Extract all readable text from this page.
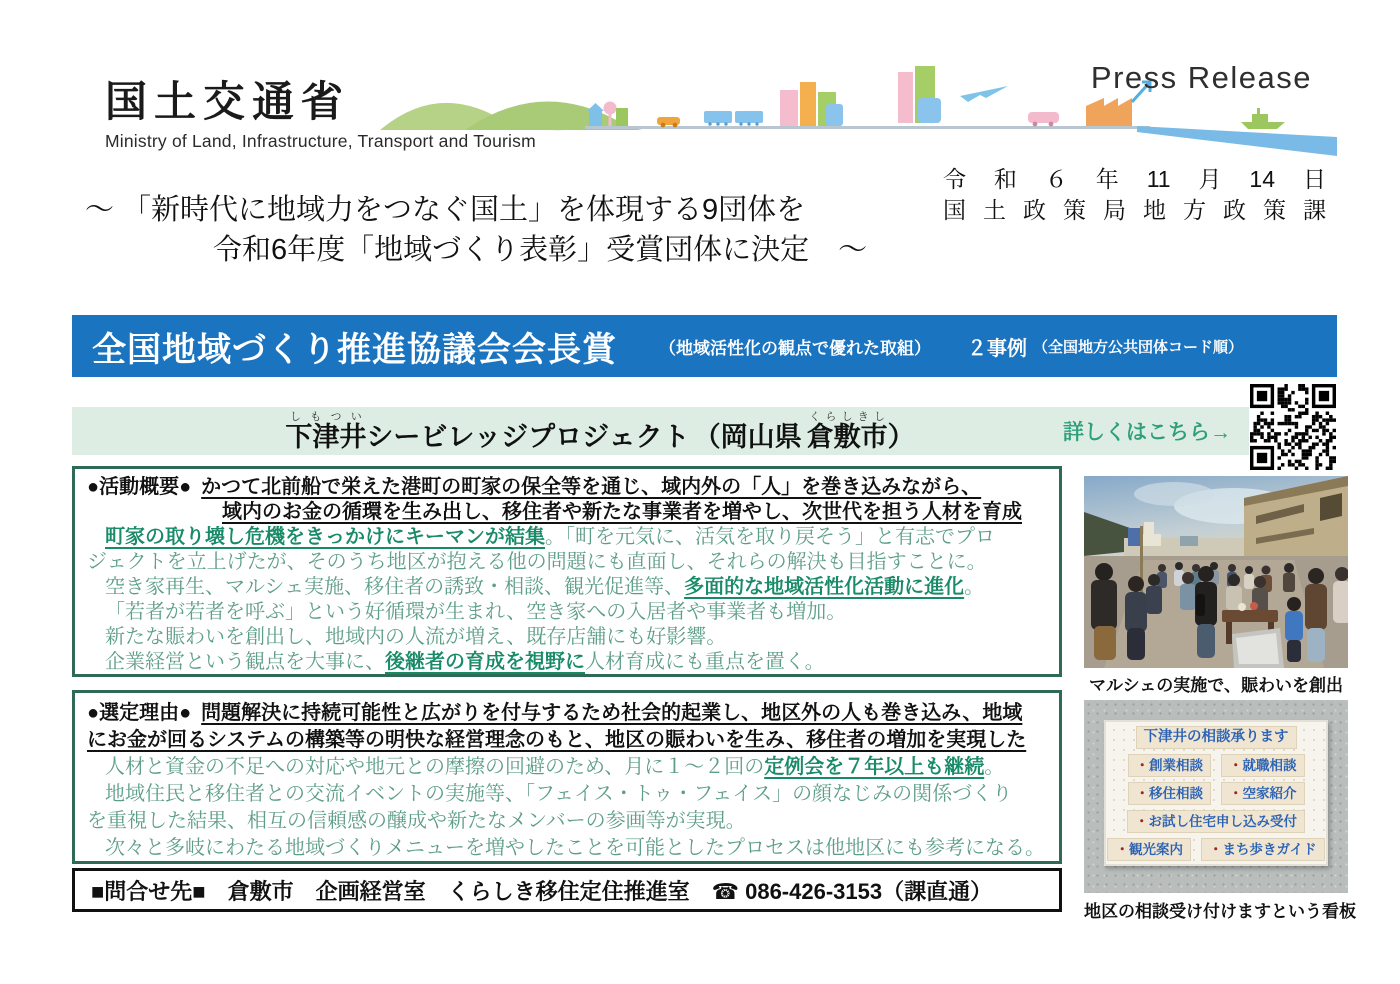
国土交通省
Ministry of Land, Infrastructure, Transport and Tourism
Press Release
令 和 ６ 年 11 月 14 日
国 土 政 策 局 地 方 政 策 課
～ 「新時代に地域力をつなぐ国土」を体現する9団体を
令和6年度「地域づくり表彰」受賞団体に決定　～
全国地域づくり推進協議会会長賞 （地域活性化の観点で優れた取組） ２事例 （全国地方公共団体コード順）
下津井しもつい
シービレッジプロジェクト （岡山県 倉敷市くらしきし
）	詳しくはこちら→
●活動概要● かつて北前船で栄えた港町の町家の保全等を通じ、域内外の「人」を巻き込みながら、
域内のお金の循環を生み出し、移住者や新たな事業者を増やし、次世代を担う人材を育成
町家の取り壊し危機をきっかけにキーマンが結集。「町を元気に、活気を取り戻そう」と有志でプロ
ジェクトを立上げたが、そのうち地区が抱える他の問題にも直面し、それらの解決も目指すことに。
空き家再生、マルシェ実施、移住者の誘致・相談、観光促進等、多面的な地域活性化活動に進化。
「若者が若者を呼ぶ」という好循環が生まれ、空き家への入居者や事業者も増加。
新たな賑わいを創出し、地域内の人流が増え、既存店舗にも好影響。
企業経営という観点を大事に、後継者の育成を視野に人材育成にも重点を置く。
●選定理由● 問題解決に持続可能性と広がりを付与するため社会的起業し、地区外の人も巻き込み、地域
にお金が回るシステムの構築等の明快な経営理念のもと、地区の賑わいを生み、移住者の増加を実現した
人材と資金の不足への対応や地元との摩擦の回避のため、月に１～２回の定例会を７年以上も継続。
地域住民と移住者との交流イベントの実施等、「フェイス・トゥ・フェイス」の顔なじみの関係づくり
を重視した結果、相互の信頼感の醸成や新たなメンバーの参画等が実現。
次々と多岐にわたる地域づくりメニューを増やしたことを可能としたプロセスは他地区にも参考になる。
■問合せ先■　倉敷市　企画経営室　くらしき移住定住推進室　☎ 086-426-3153（課直通）
マルシェの実施で、賑わいを創出
下津井の相談承ります
・創業相談	・就職相談
・移住相談	・空家紹介
・お試し住宅申し込み受付
・観光案内	・まち歩きガイド
地区の相談受け付けますという看板
